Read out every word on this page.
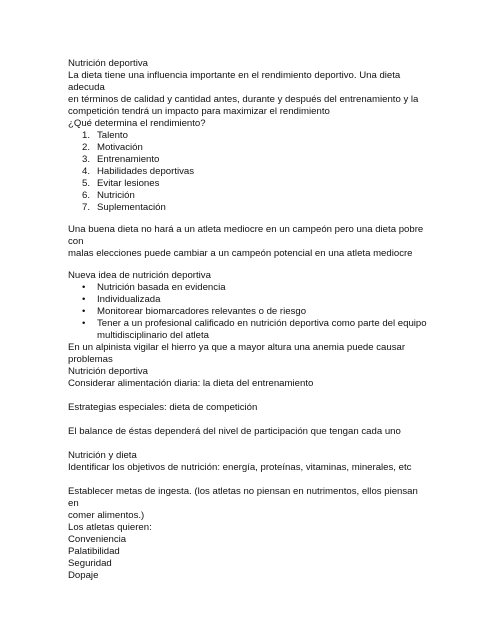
Nutrición deportiva

La dieta tiene una influencia importante en el rendimiento deportivo. Una dieta adecuda

en términos de calidad y cantidad antes, durante y después del entrenamiento y la

competición tendrá un impacto para maximizar el rendimiento

¿Qué determina el rendimiento?

1. Talento
2. Motivación
3. Entrenamiento
4. Habilidades deportivas
5. Evitar lesiones
6. Nutrición
7. Suplementación

Una buena dieta no hará a un atleta mediocre en un campeón pero una dieta pobre con

malas elecciones puede cambiar a un campeón potencial en una atleta mediocre

Nueva idea de nutrición deportiva

• Nutrición basada en evidencia
• Individualizada
• Monitorear biomarcadores relevantes o de riesgo
• Tener a un profesional calificado en nutrición deportiva como parte del equipo
multidisciplinario del atleta

En un alpinista vigilar el hierro ya que a mayor altura una anemia puede causar problemas

Nutrición deportiva

Considerar alimentación diaria: la dieta del entrenamiento

Estrategias especiales: dieta de competición

El balance de éstas dependerá del nivel de participación que tengan cada uno

Nutrición y dieta

Identificar los objetivos de nutrición: energía, proteínas, vitaminas, minerales, etc

Establecer metas de ingesta. (los atletas no piensan en nutrimentos, ellos piensan en

comer alimentos.)

Los atletas quieren:

Conveniencia

Palatibilidad

Seguridad

Dopaje
